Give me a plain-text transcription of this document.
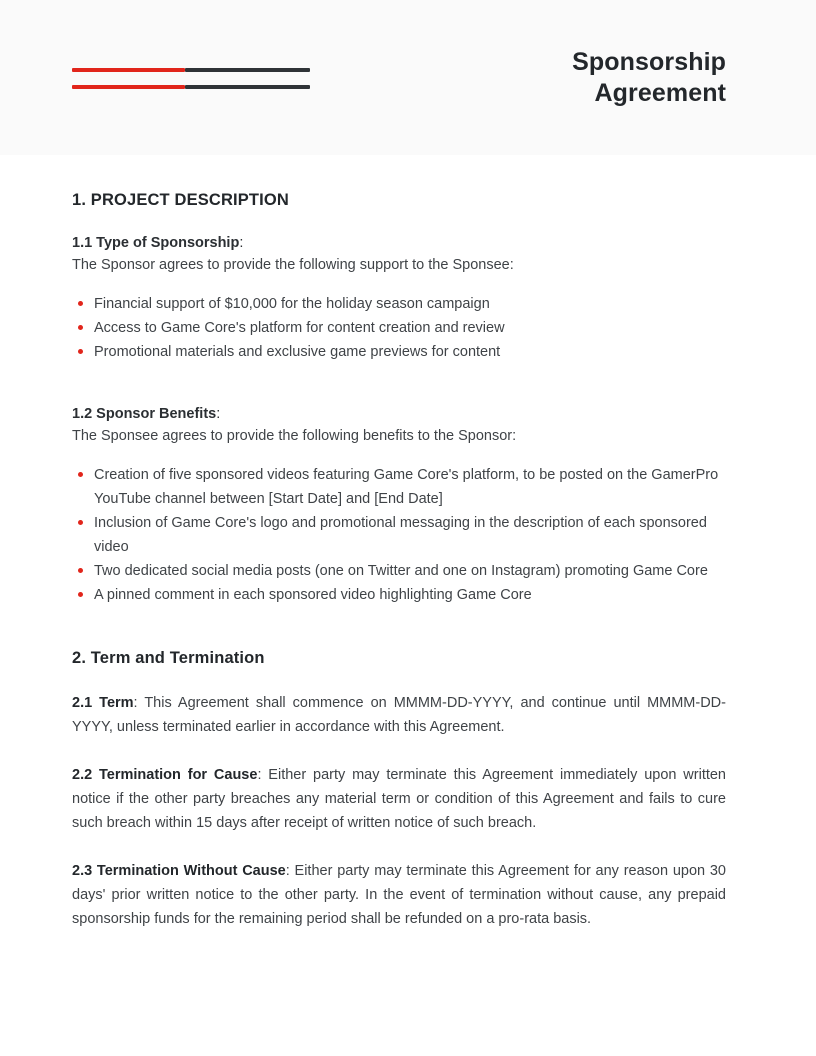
Sponsorship Agreement
1. PROJECT DESCRIPTION

1.1 Type of Sponsorship:

The Sponsor agrees to provide the following support to the Sponsee:

Financial support of $10,000 for the holiday season campaign
Access to Game Core's platform for content creation and review
Promotional materials and exclusive game previews for content

1.2 Sponsor Benefits:

The Sponsee agrees to provide the following benefits to the Sponsor:

Creation of five sponsored videos featuring Game Core's platform, to be posted on the GamerPro YouTube channel between [Start Date] and [End Date]
Inclusion of Game Core's logo and promotional messaging in the description of each sponsored video
Two dedicated social media posts (one on Twitter and one on Instagram) promoting Game Core
A pinned comment in each sponsored video highlighting Game Core
2. Term and Termination

2.1 Term: This Agreement shall commence on MMMM-DD-YYYY, and continue until MMMM-DD-YYYY, unless terminated earlier in accordance with this Agreement.

2.2 Termination for Cause: Either party may terminate this Agreement immediately upon written notice if the other party breaches any material term or condition of this Agreement and fails to cure such breach within 15 days after receipt of written notice of such breach.

2.3 Termination Without Cause: Either party may terminate this Agreement for any reason upon 30 days' prior written notice to the other party. In the event of termination without cause, any prepaid sponsorship funds for the remaining period shall be refunded on a pro-rata basis.
